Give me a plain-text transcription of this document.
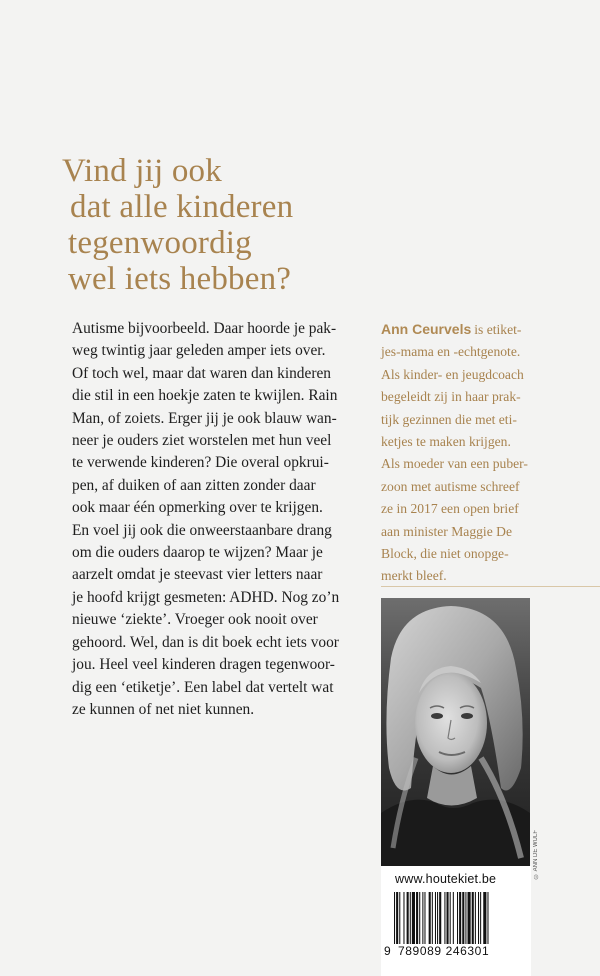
Vind jij ook
dat alle kinderen
tegenwoordig
wel iets hebben?
Autisme bijvoorbeeld. Daar hoorde je pak-
weg twintig jaar geleden amper iets over.
Of toch wel, maar dat waren dan kinderen
die stil in een hoekje zaten te kwijlen. Rain
Man, of zoiets. Erger jij je ook blauw wan-
neer je ouders ziet worstelen met hun veel
te verwende kinderen? Die overal opkrui-
pen, af duiken of aan zitten zonder daar
ook maar één opmerking over te krijgen.
En voel jij ook die onweerstaanbare drang
om die ouders daarop te wijzen? Maar je
aarzelt omdat je steevast vier letters naar
je hoofd krijgt gesmeten: ADHD. Nog zo’n
nieuwe ‘ziekte’. Vroeger ook nooit over
gehoord. Wel, dan is dit boek echt iets voor
jou. Heel veel kinderen dragen tegenwoor-
dig een ‘etiketje’. Een label dat vertelt wat
ze kunnen of net niet kunnen.
Ann Ceurvels is etiket-
jes-mama en -echtgenote.
Als kinder- en jeugdcoach
begeleidt zij in haar prak-
tijk gezinnen die met eti-
ketjes te maken krijgen.
Als moeder van een puber-
zoon met autisme schreef
ze in 2017 een open brief
aan minister Maggie De
Block, die niet onopge-
merkt bleef.
© ANN DE WULF
www.houtekiet.be
9 789089 246301
